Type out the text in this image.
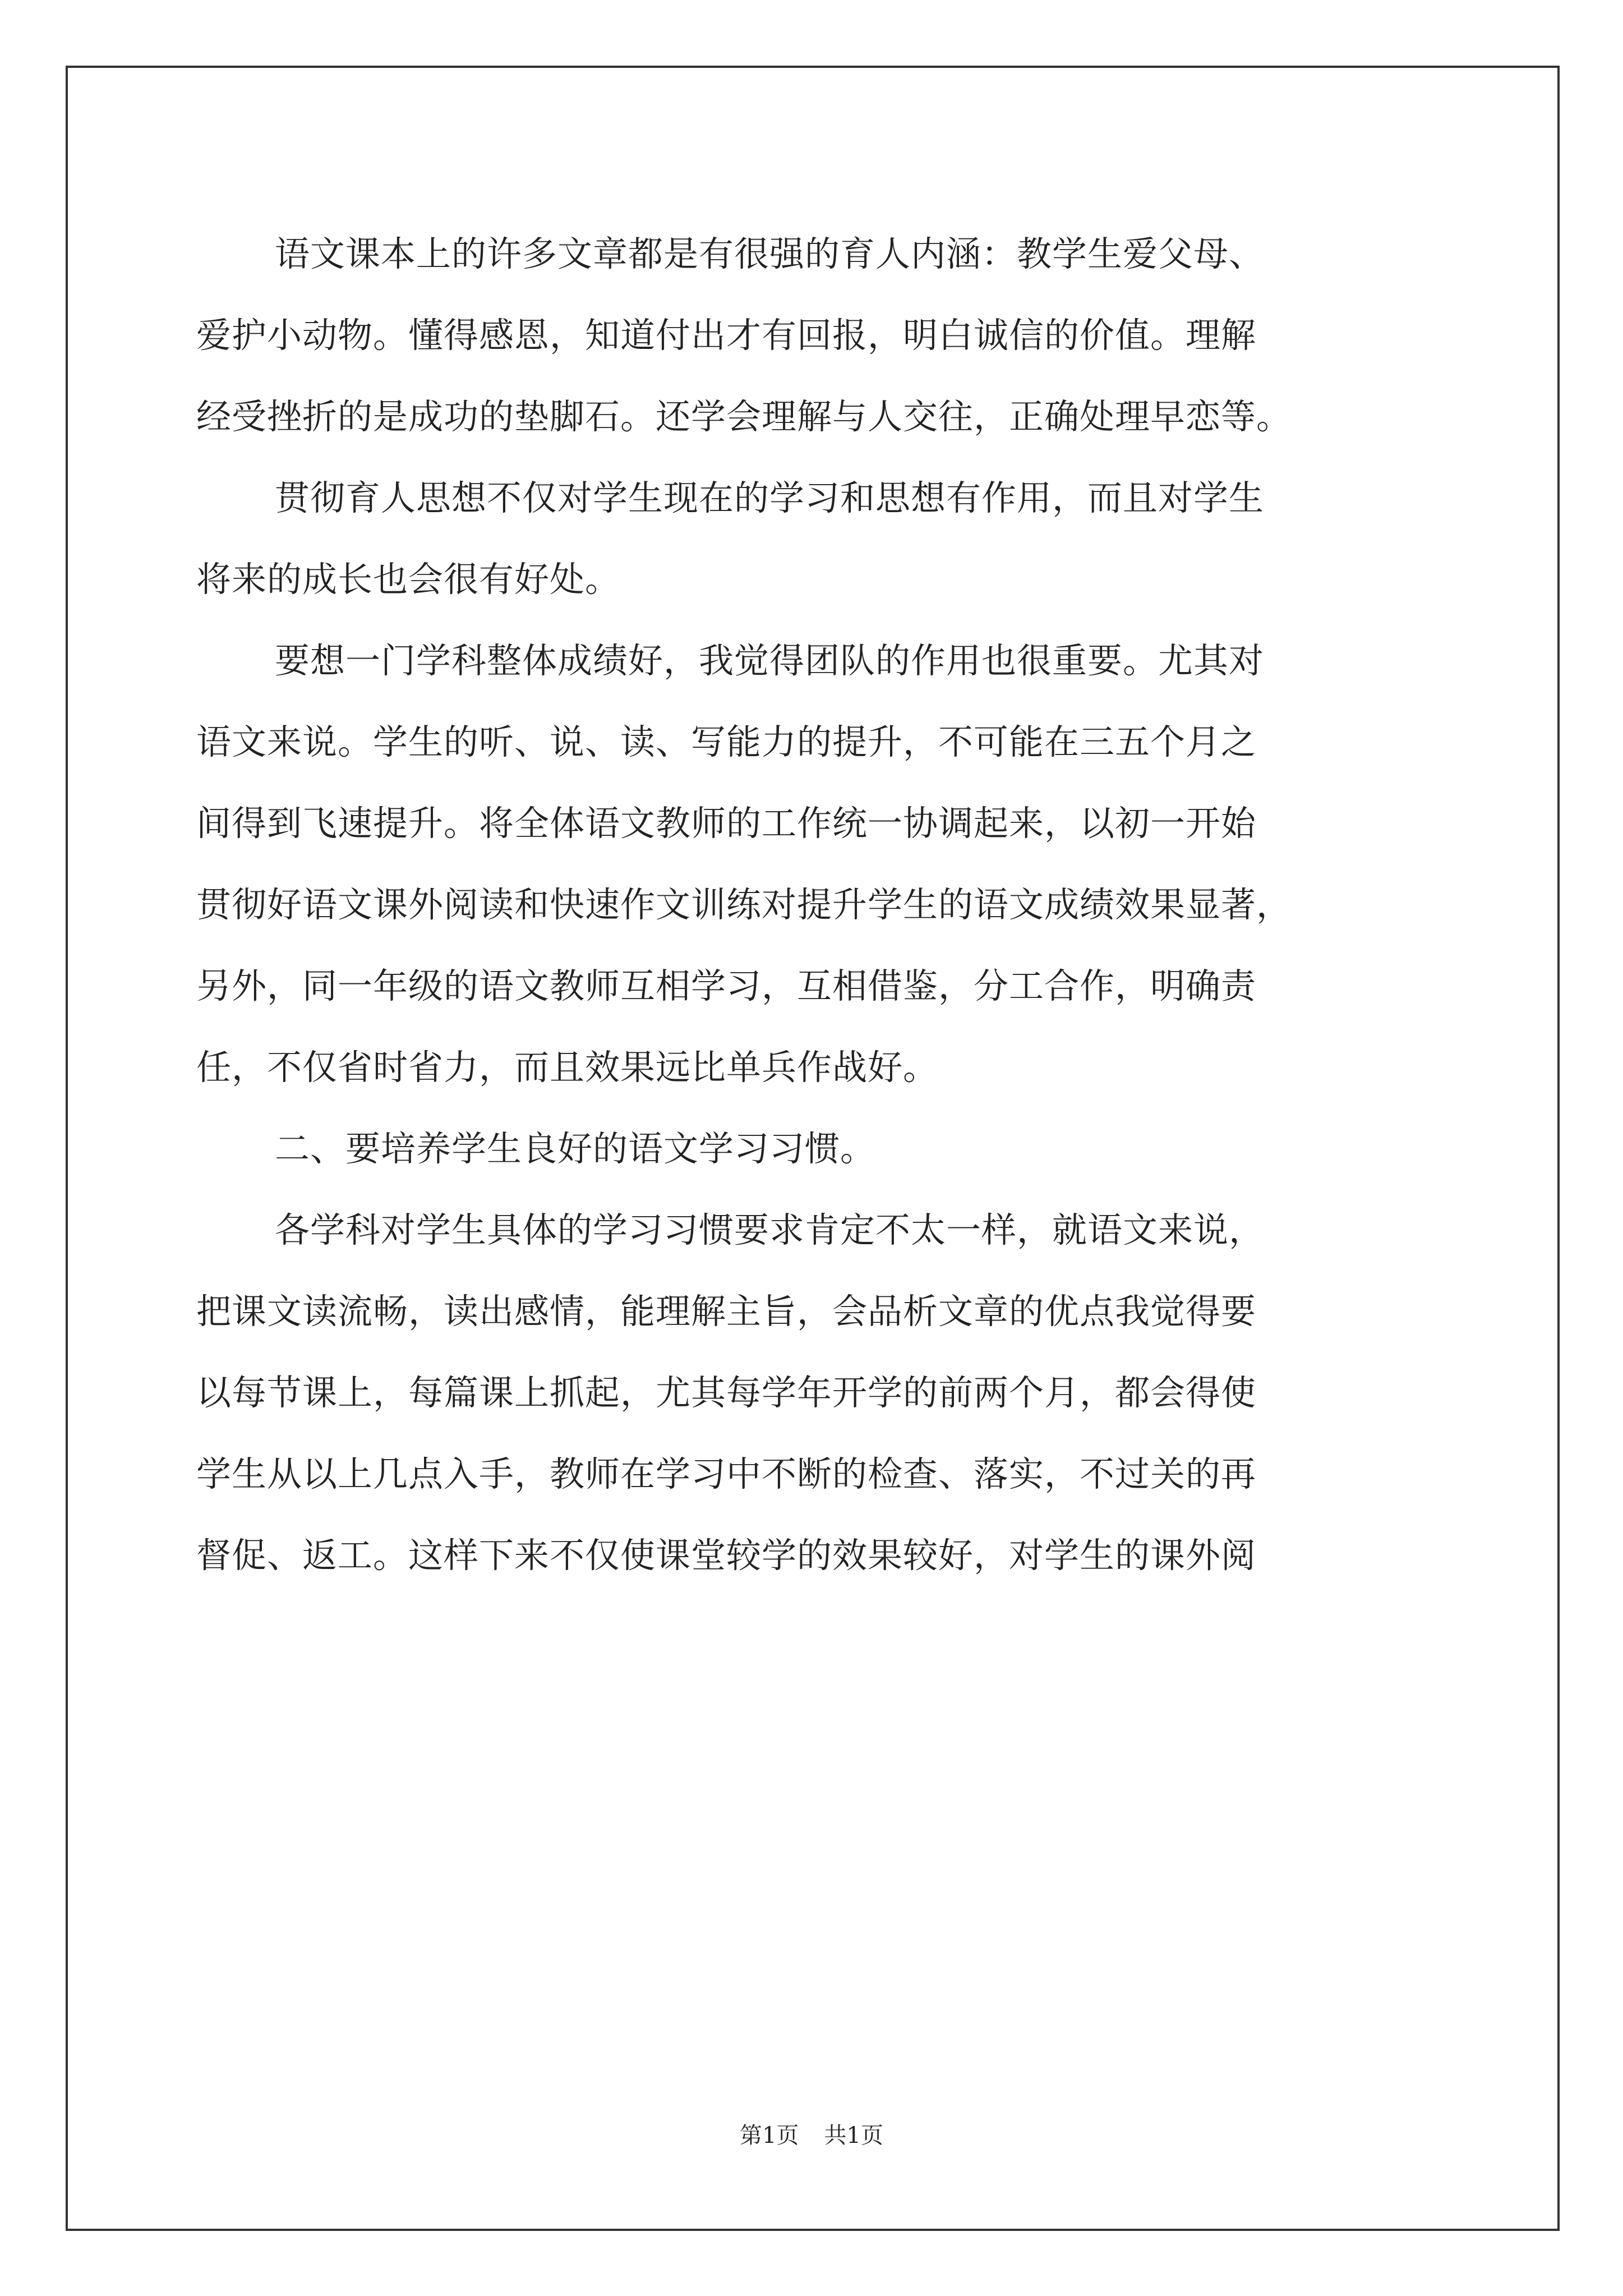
语文课本上的许多文章都是有很强的育人内涵：教学生爱父母、
爱护小动物。懂得感恩，知道付出才有回报，明白诚信的价值。理解
经受挫折的是成功的垫脚石。还学会理解与人交往，正确处理早恋等。
贯彻育人思想不仅对学生现在的学习和思想有作用，而且对学生
将来的成长也会很有好处。
要想一门学科整体成绩好，我觉得团队的作用也很重要。尤其对
语文来说。学生的听、说、读、写能力的提升，不可能在三五个月之
间得到飞速提升。将全体语文教师的工作统一协调起来，以初一开始
贯彻好语文课外阅读和快速作文训练对提升学生的语文成绩效果显著，
另外，同一年级的语文教师互相学习，互相借鉴，分工合作，明确责
任，不仅省时省力，而且效果远比单兵作战好。
二、要培养学生良好的语文学习习惯。
各学科对学生具体的学习习惯要求肯定不太一样，就语文来说，
把课文读流畅，读出感情，能理解主旨，会品析文章的优点我觉得要
以每节课上，每篇课上抓起，尤其每学年开学的前两个月，都会得使
学生从以上几点入手，教师在学习中不断的检查、落实，不过关的再
督促、返工。这样下来不仅使课堂较学的效果较好，对学生的课外阅
第1页 共1页
